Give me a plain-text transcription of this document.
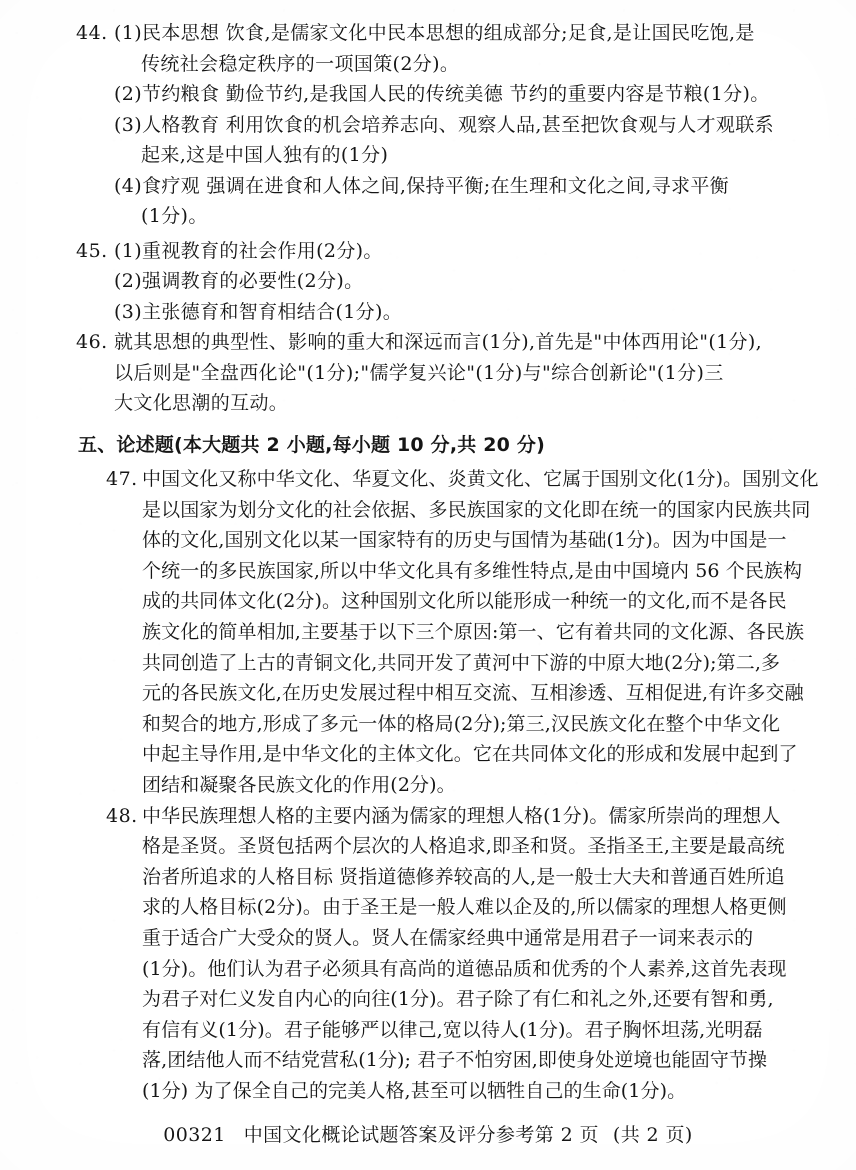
44. (1)民本思想 饮食,是儒家文化中民本思想的组成部分;足食,是让国民吃饱,是
传统社会稳定秩序的一项国策(2分)。
(2)节约粮食 勤俭节约,是我国人民的传统美德 节约的重要内容是节粮(1分)。
(3)人格教育 利用饮食的机会培养志向、观察人品,甚至把饮食观与人才观联系
起来,这是中国人独有的(1分)
(4)食疗观 强调在进食和人体之间,保持平衡;在生理和文化之间,寻求平衡
(1分)。
45. (1)重视教育的社会作用(2分)。
(2)强调教育的必要性(2分)。
(3)主张德育和智育相结合(1分)。
46. 就其思想的典型性、影响的重大和深远而言(1分),首先是"中体西用论"(1分),
以后则是"全盘西化论"(1分);"儒学复兴论"(1分)与"综合创新论"(1分)三
大文化思潮的互动。
五、论述题(本大题共 2 小题,每小题 10 分,共 20 分)
47. 中国文化又称中华文化、华夏文化、炎黄文化、它属于国别文化(1分)。国别文化
是以国家为划分文化的社会依据、多民族国家的文化即在统一的国家内民族共同
体的文化,国别文化以某一国家特有的历史与国情为基础(1分)。因为中国是一
个统一的多民族国家,所以中华文化具有多维性特点,是由中国境内 56 个民族构
成的共同体文化(2分)。这种国别文化所以能形成一种统一的文化,而不是各民
族文化的简单相加,主要基于以下三个原因:第一、它有着共同的文化源、各民族
共同创造了上古的青铜文化,共同开发了黄河中下游的中原大地(2分);第二,多
元的各民族文化,在历史发展过程中相互交流、互相渗透、互相促进,有许多交融
和契合的地方,形成了多元一体的格局(2分);第三,汉民族文化在整个中华文化
中起主导作用,是中华文化的主体文化。它在共同体文化的形成和发展中起到了
团结和凝聚各民族文化的作用(2分)。
48. 中华民族理想人格的主要内涵为儒家的理想人格(1分)。儒家所崇尚的理想人
格是圣贤。圣贤包括两个层次的人格追求,即圣和贤。圣指圣王,主要是最高统
治者所追求的人格目标 贤指道德修养较高的人,是一般士大夫和普通百姓所追
求的人格目标(2分)。由于圣王是一般人难以企及的,所以儒家的理想人格更侧
重于适合广大受众的贤人。贤人在儒家经典中通常是用君子一词来表示的
(1分)。他们认为君子必须具有高尚的道德品质和优秀的个人素养,这首先表现
为君子对仁义发自内心的向往(1分)。君子除了有仁和礼之外,还要有智和勇,
有信有义(1分)。君子能够严以律己,宽以待人(1分)。君子胸怀坦荡,光明磊
落,团结他人而不结党营私(1分); 君子不怕穷困,即使身处逆境也能固守节操
(1分) 为了保全自己的完美人格,甚至可以牺牲自己的生命(1分)。
00321 中国文化概论试题答案及评分参考第 2 页 (共 2 页)
